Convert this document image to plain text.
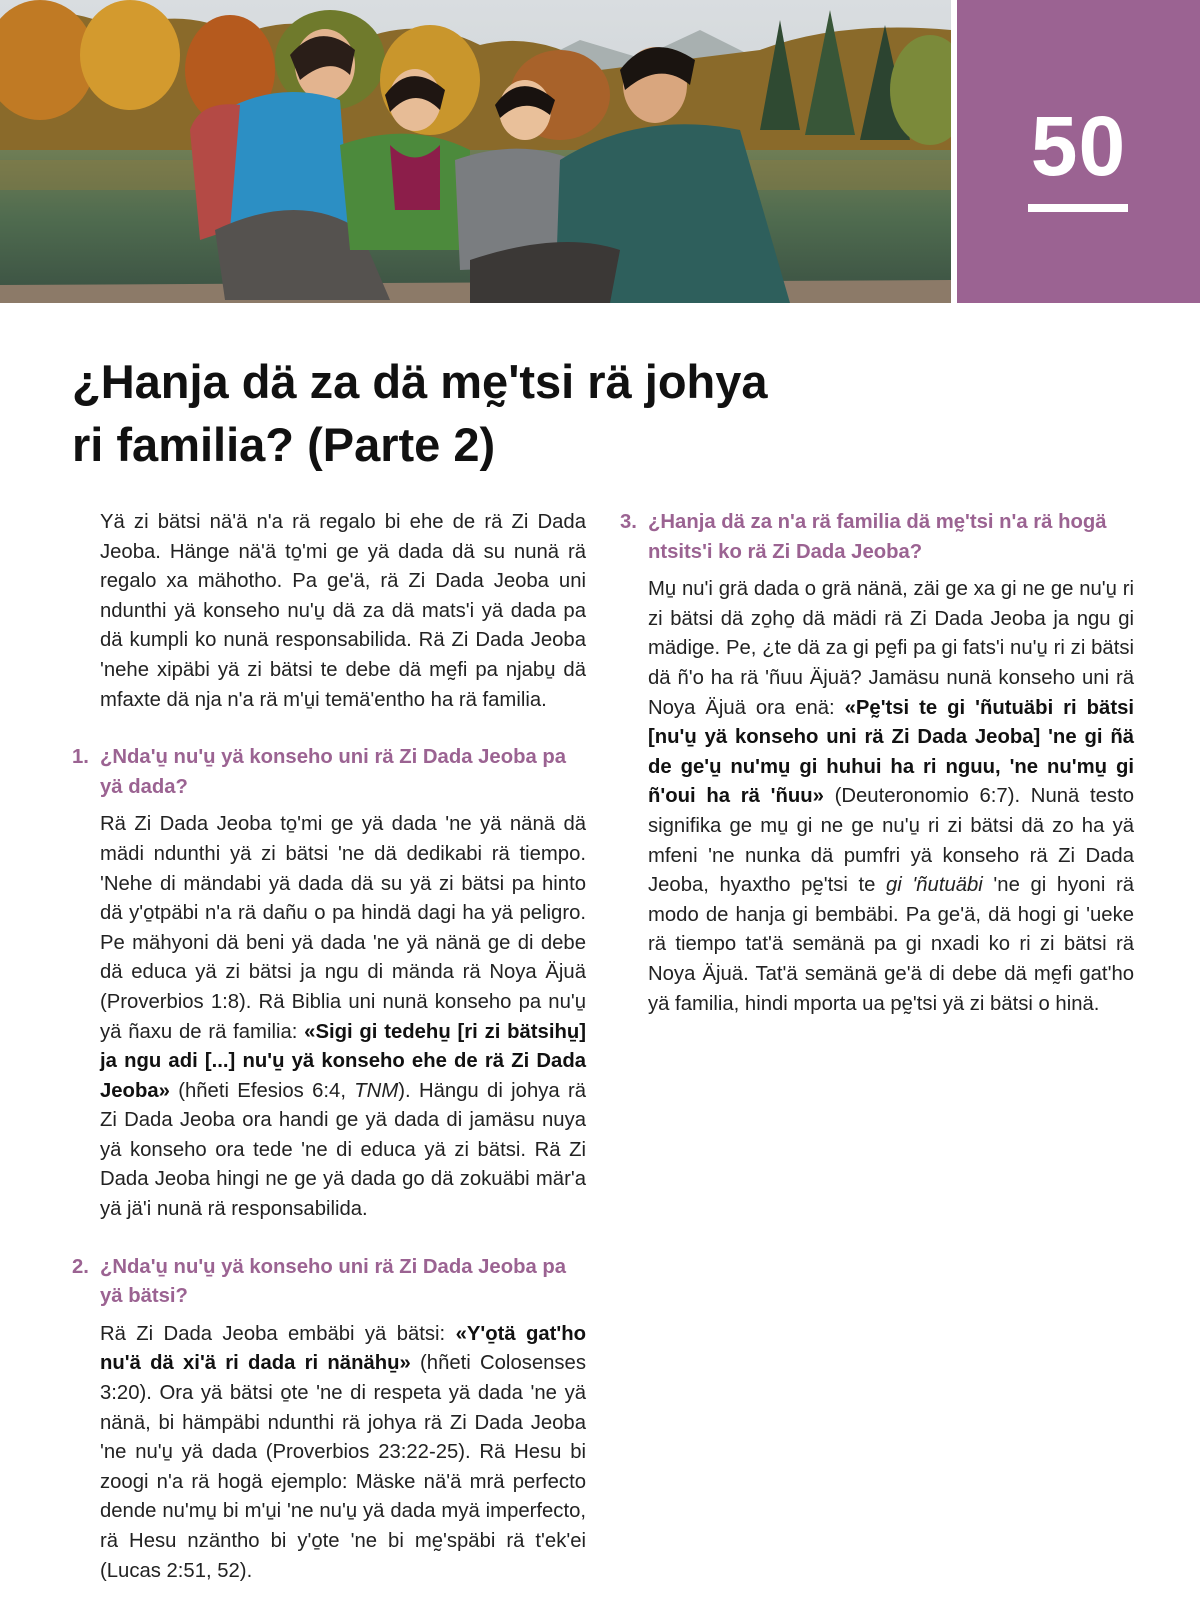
50
¿Hanja dä za dä mḛ'tsi rä johya
ri familia? (Parte 2)

Yä zi bätsi nä'ä n'a rä regalo bi ehe de rä Zi Dada Jeoba. Hänge nä'ä to̱'mi ge yä dada dä su nunä rä regalo xa mähotho. Pa ge'ä, rä Zi Dada Jeoba uni ndunthi yä konseho nu'u̱ dä za dä mats'i yä dada pa dä kumpli ko nunä responsabilida. Rä Zi Dada Jeoba 'nehe xipäbi yä zi bätsi te debe dä mḛfi pa njabu̱ dä mfaxte dä nja n'a rä m'u̱i temä'entho ha rä familia.

1. ¿Nda'u̱ nu'u̱ yä konseho uni rä Zi Dada Jeoba pa yä dada?

Rä Zi Dada Jeoba to̱'mi ge yä dada 'ne yä nänä dä mädi ndunthi yä zi bätsi 'ne dä dedikabi rä tiempo. 'Nehe di mändabi yä dada dä su yä zi bätsi pa hinto dä y'o̱tpäbi n'a rä dañu o pa hindä dagi ha yä peligro. Pe mähyoni dä beni yä dada 'ne yä nänä ge di debe dä educa yä zi bätsi ja ngu di mända rä Noya Äjuä (Proverbios 1:8). Rä Biblia uni nunä konseho pa nu'u̱ yä ñaxu de rä familia: «Sigi gi tedehu̱ [ri zi bätsihu̱] ja ngu adi [...] nu'u̱ yä konseho ehe de rä Zi Dada Jeoba» (hñeti Efesios 6:4, TNM). Hängu di johya rä Zi Dada Jeoba ora handi ge yä dada di jamäsu nuya yä konseho ora tede 'ne di educa yä zi bätsi. Rä Zi Dada Jeoba hingi ne ge yä dada go dä zokuäbi mär'a yä jä'i nunä rä responsabilida.

2. ¿Nda'u̱ nu'u̱ yä konseho uni rä Zi Dada Jeoba pa yä bätsi?

Rä Zi Dada Jeoba embäbi yä bätsi: «Y'o̱tä gat'ho nu'ä dä xi'ä ri dada ri nänähu̱» (hñeti Colosenses 3:20). Ora yä bätsi o̱te 'ne di respeta yä dada 'ne yä nänä, bi hämpäbi ndunthi rä johya rä Zi Dada Jeoba 'ne nu'u̱ yä dada (Proverbios 23:22-25). Rä Hesu bi zoogi n'a rä hogä ejemplo: Mäske nä'ä mrä perfecto dende nu'mu̱ bi m'u̱i 'ne nu'u̱ yä dada myä imperfecto, rä Hesu nzäntho bi y'o̱te 'ne bi mḛ'späbi rä t'ek'ei (Lucas 2:51, 52).

3. ¿Hanja dä za n'a rä familia dä mḛ'tsi n'a rä hogä ntsits'i ko rä Zi Dada Jeoba?

Mu̱ nu'i grä dada o grä nänä, zäi ge xa gi ne ge nu'u̱ ri zi bätsi dä zo̱ho̱ dä mädi rä Zi Dada Jeoba ja ngu gi mädige. Pe, ¿te dä za gi pḛfi pa gi fats'i nu'u̱ ri zi bätsi dä ñ'o ha rä 'ñuu Äjuä? Jamäsu nunä konseho uni rä Noya Äjuä ora enä: «Pḛ'tsi te gi 'ñutuäbi ri bätsi [nu'u̱ yä konseho uni rä Zi Dada Jeoba] 'ne gi ñä de ge'u̱ nu'mu̱ gi huhui ha ri nguu, 'ne nu'mu̱ gi ñ'oui ha rä 'ñuu» (Deuteronomio 6:7). Nunä testo signifika ge mu̱ gi ne ge nu'u̱ ri zi bätsi dä zo ha yä mfeni 'ne nunka dä pumfri yä konseho rä Zi Dada Jeoba, hyaxtho pḛ'tsi te gi 'ñutuäbi 'ne gi hyoni rä modo de hanja gi bembäbi. Pa ge'ä, dä hogi gi 'ueke rä tiempo tat'ä semänä pa gi nxadi ko ri zi bätsi rä Noya Äjuä. Tat'ä semänä ge'ä di debe dä mḛfi gat'ho yä familia, hindi mporta ua pḛ'tsi yä zi bätsi o hinä.
